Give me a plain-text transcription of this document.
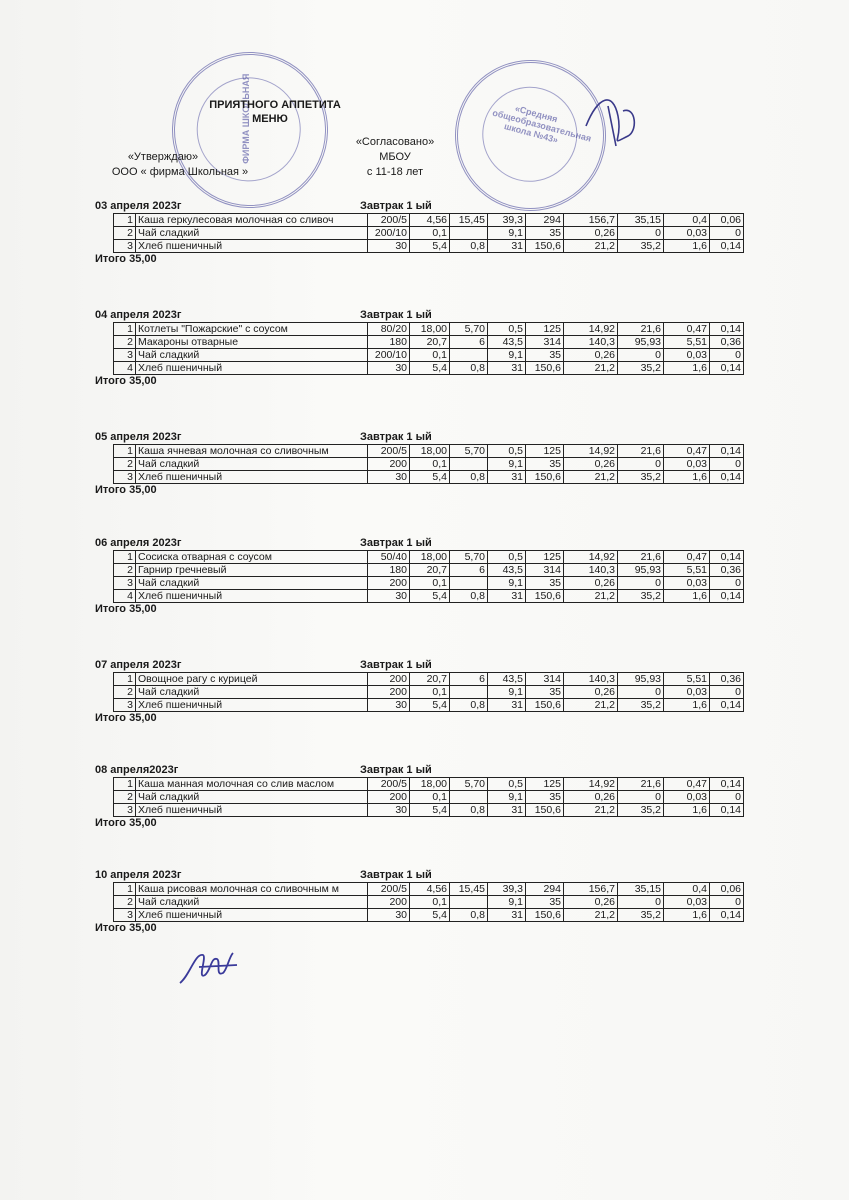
ФИРМА ШКОЛЬНАЯ	«Средняя общеобразовательная школа №43»
ПРИЯТНОГО АППЕТИТА
МЕНЮ
«Утверждаю»
ООО « фирма Школьная »
«Согласовано»
МБОУ
с 11-18 лет
03 апреля 2023г	Завтрак 1 ый
1	Каша геркулесовая молочная со сливоч	200/5	4,56	15,45	39,3	294	156,7	35,15	0,4	0,06
2	Чай сладкий	200/10	0,1		9,1	35	0,26	0	0,03	0
3	Хлеб пшеничный	30	5,4	0,8	31	150,6	21,2	35,2	1,6	0,14
Итого 35,00
04 апреля 2023г	Завтрак 1 ый
1	Котлеты "Пожарские" с соусом	80/20	18,00	5,70	0,5	125	14,92	21,6	0,47	0,14
2	Макароны отварные	180	20,7	6	43,5	314	140,3	95,93	5,51	0,36
3	Чай сладкий	200/10	0,1		9,1	35	0,26	0	0,03	0
4	Хлеб пшеничный	30	5,4	0,8	31	150,6	21,2	35,2	1,6	0,14
Итого 35,00
05 апреля 2023г	Завтрак 1 ый
1	Каша ячневая молочная со сливочным	200/5	18,00	5,70	0,5	125	14,92	21,6	0,47	0,14
2	Чай сладкий	200	0,1		9,1	35	0,26	0	0,03	0
3	Хлеб пшеничный	30	5,4	0,8	31	150,6	21,2	35,2	1,6	0,14
Итого 35,00
06 апреля 2023г	Завтрак 1 ый
1	Сосиска отварная с соусом	50/40	18,00	5,70	0,5	125	14,92	21,6	0,47	0,14
2	Гарнир гречневый	180	20,7	6	43,5	314	140,3	95,93	5,51	0,36
3	Чай сладкий	200	0,1		9,1	35	0,26	0	0,03	0
4	Хлеб пшеничный	30	5,4	0,8	31	150,6	21,2	35,2	1,6	0,14
Итого 35,00
07 апреля 2023г	Завтрак 1 ый
1	Овощное рагу с курицей	200	20,7	6	43,5	314	140,3	95,93	5,51	0,36
2	Чай сладкий	200	0,1		9,1	35	0,26	0	0,03	0
3	Хлеб пшеничный	30	5,4	0,8	31	150,6	21,2	35,2	1,6	0,14
Итого 35,00
08 апреля2023г	Завтрак 1 ый
1	Каша манная молочная со слив маслом	200/5	18,00	5,70	0,5	125	14,92	21,6	0,47	0,14
2	Чай сладкий	200	0,1		9,1	35	0,26	0	0,03	0
3	Хлеб пшеничный	30	5,4	0,8	31	150,6	21,2	35,2	1,6	0,14
Итого 35,00
10 апреля 2023г	Завтрак 1 ый
1	Каша рисовая молочная со сливочным м	200/5	4,56	15,45	39,3	294	156,7	35,15	0,4	0,06
2	Чай сладкий	200	0,1		9,1	35	0,26	0	0,03	0
3	Хлеб пшеничный	30	5,4	0,8	31	150,6	21,2	35,2	1,6	0,14
Итого 35,00
